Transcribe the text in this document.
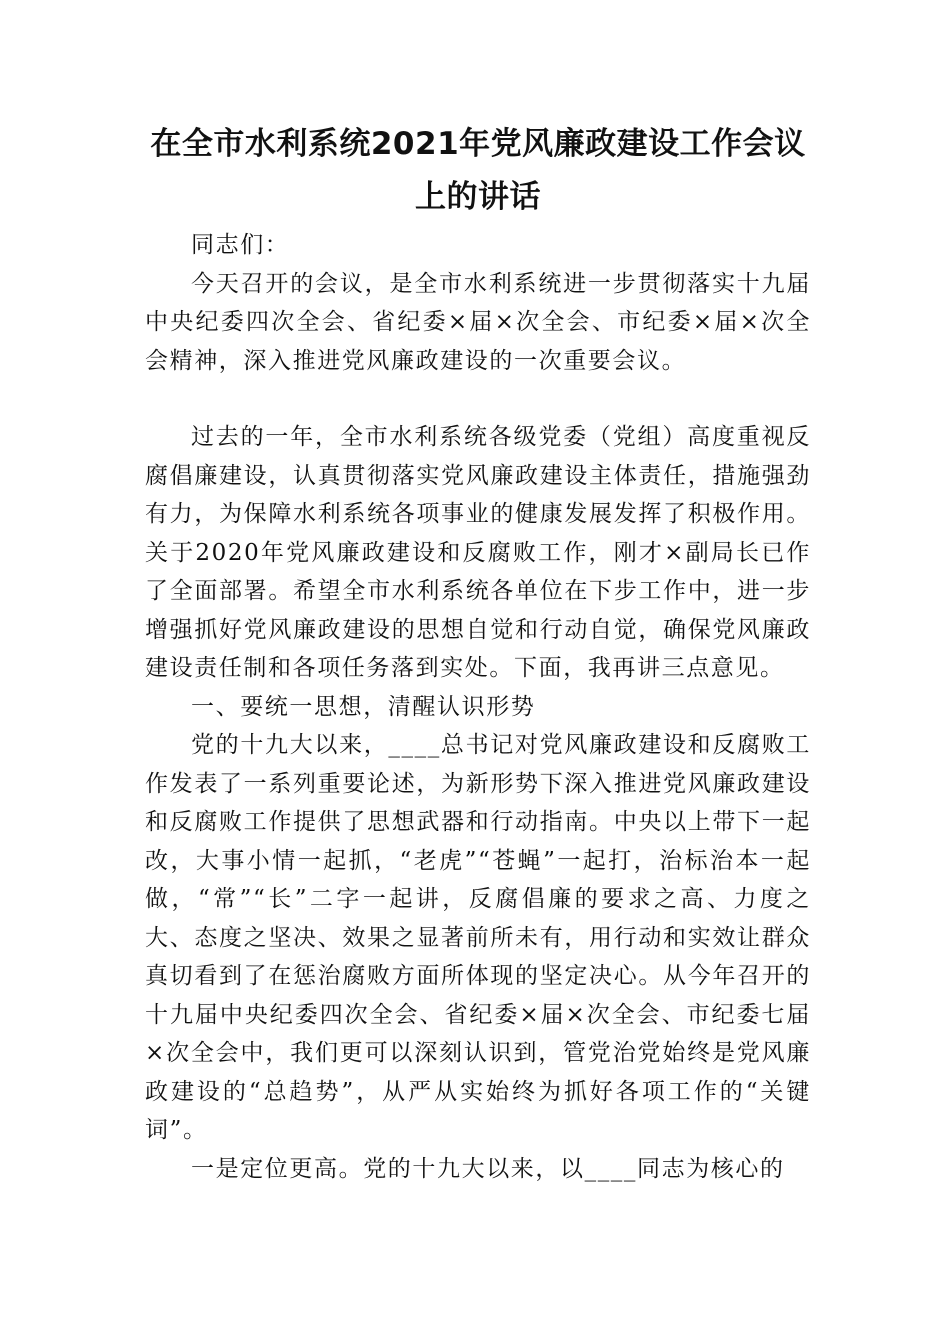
在全市水利系统2021年党风廉政建设工作会议上的讲话

同志们：

今天召开的会议，是全市水利系统进一步贯彻落实十九届中央纪委四次全会、省纪委×届×次全会、市纪委×届×次全会精神，深入推进党风廉政建设的一次重要会议。

过去的一年，全市水利系统各级党委（党组）高度重视反腐倡廉建设，认真贯彻落实党风廉政建设主体责任，措施强劲有力，为保障水利系统各项事业的健康发展发挥了积极作用。关于2020年党风廉政建设和反腐败工作，刚才×副局长已作了全面部署。希望全市水利系统各单位在下步工作中，进一步增强抓好党风廉政建设的思想自觉和行动自觉，确保党风廉政建设责任制和各项任务落到实处。下面，我再讲三点意见。

一、要统一思想，清醒认识形势

党的十九大以来，____总书记对党风廉政建设和反腐败工作发表了一系列重要论述，为新形势下深入推进党风廉政建设和反腐败工作提供了思想武器和行动指南。中央以上带下一起改，大事小情一起抓，“老虎”“苍蝇”一起打，治标治本一起做，“常”“长”二字一起讲，反腐倡廉的要求之高、力度之大、态度之坚决、效果之显著前所未有，用行动和实效让群众真切看到了在惩治腐败方面所体现的坚定决心。从今年召开的十九届中央纪委四次全会、省纪委×届×次全会、市纪委七届×次全会中，我们更可以深刻认识到，管党治党始终是党风廉政建设的“总趋势”，从严从实始终为抓好各项工作的“关键词”。

一是定位更高。党的十九大以来，以____同志为核心的
